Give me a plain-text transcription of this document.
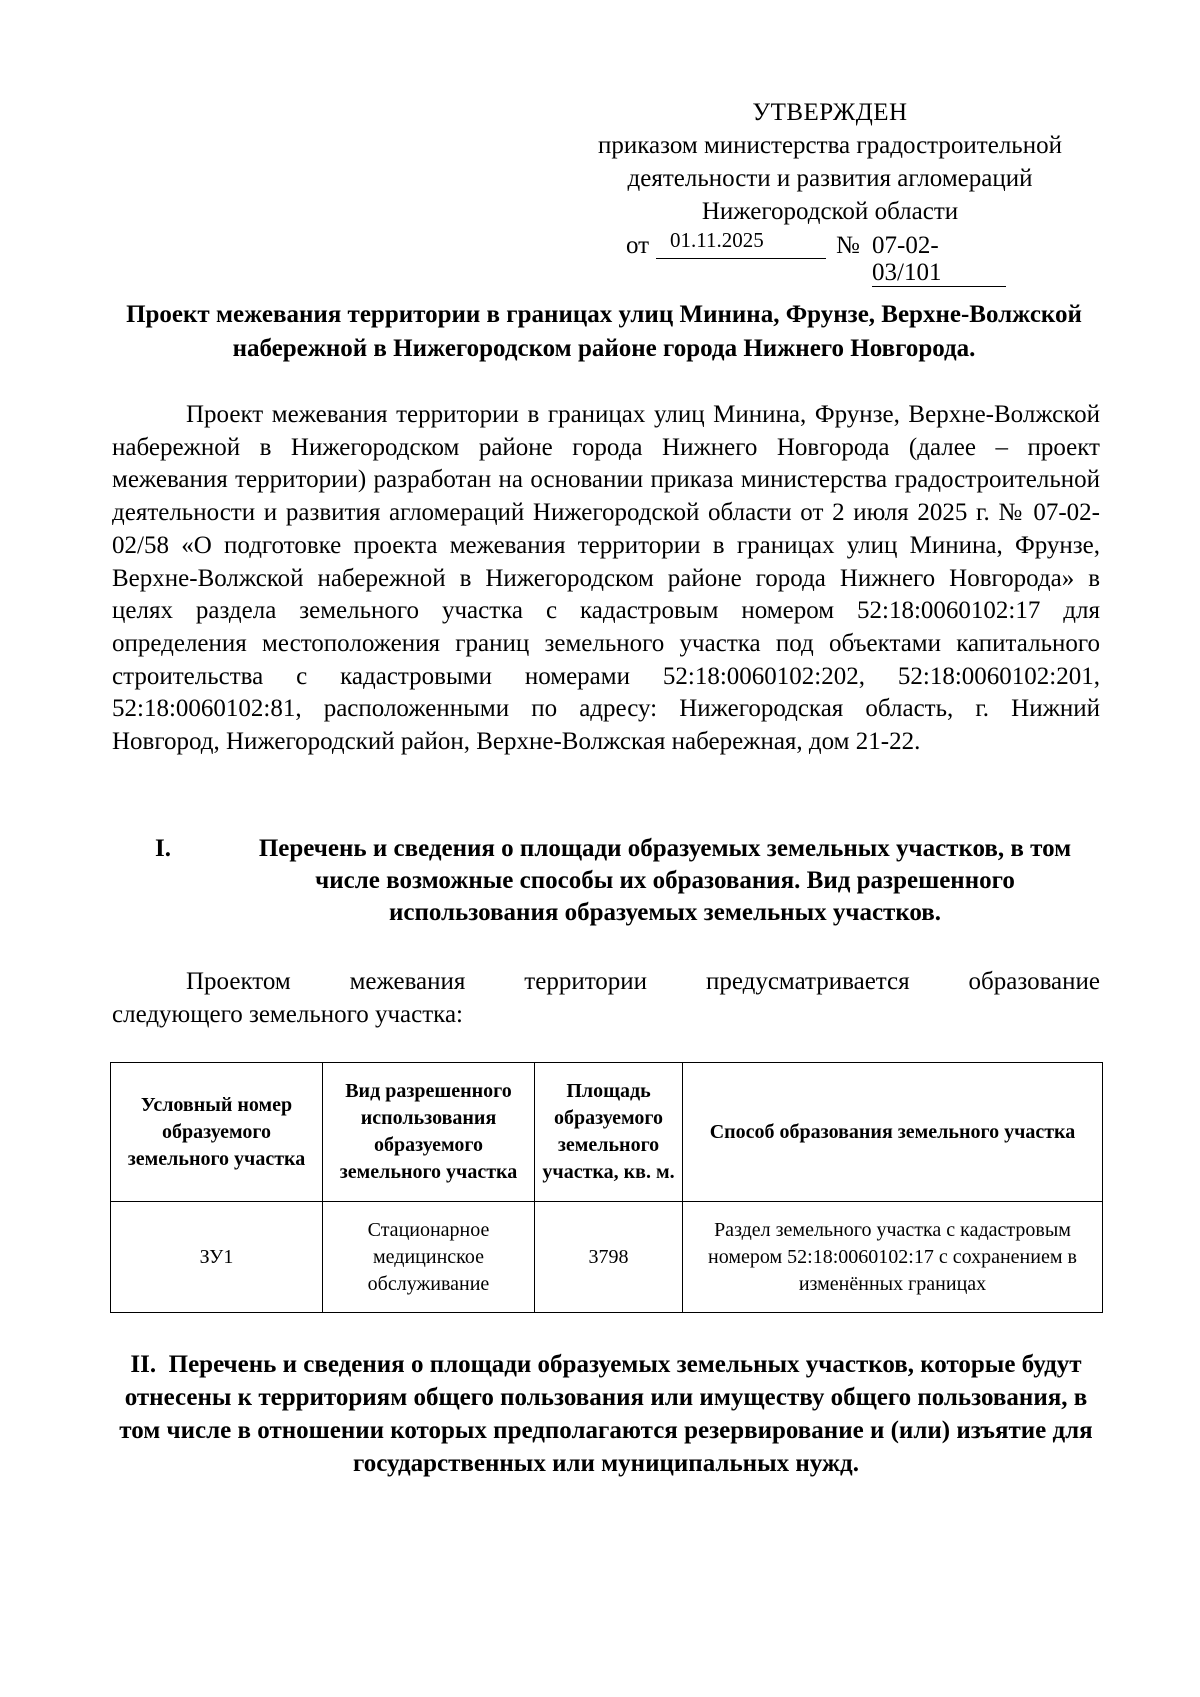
УТВЕРЖДЕН
приказом министерства градостроительной
деятельности и развития агломераций
Нижегородской области
от 01.11.2025	№ 07-02-03/101
Проект межевания территории в границах улиц Минина, Фрунзе, Верхне-Волжской набережной в Нижегородском районе города Нижнего Новгорода.

Проект межевания территории в границах улиц Минина, Фрунзе, Верхне-Волжской набережной в Нижегородском районе города Нижнего Новгорода (далее – проект межевания территории) разработан на основании приказа министерства градостроительной деятельности и развития агломераций Нижегородской области от 2 июля 2025 г. № 07-02-02/58 «О подготовке проекта межевания территории в границах улиц Минина, Фрунзе, Верхне-Волжской набережной в Нижегородском районе города Нижнего Новгорода» в целях раздела земельного участка с кадастровым номером 52:18:0060102:17 для определения местоположения границ земельного участка под объектами капитального строительства с кадастровыми номерами 52:18:0060102:202, 52:18:0060102:201, 52:18:0060102:81, расположенными по адресу: Нижегородская область, г. Нижний Новгород, Нижегородский район, Верхне-Волжская набережная, дом 21-22.

I.	Перечень и сведения о площади образуемых земельных участков, в том числе возможные способы их образования. Вид разрешенного использования образуемых земельных участков.

Проектом межевания территории предусматривается образование
следующего земельного участка:

Условный номер образуемого земельного участка	Вид разрешенного использования образуемого земельного участка	Площадь образуемого земельного участка, кв. м.	Способ образования земельного участка
ЗУ1	Стационарное медицинское обслуживание	3798	Раздел земельного участка с кадастровым номером 52:18:0060102:17 с сохранением в изменённых границах
II. Перечень и сведения о площади образуемых земельных участков, которые будут отнесены к территориям общего пользования или имуществу общего пользования, в том числе в отношении которых предполагаются резервирование и (или) изъятие для государственных или муниципальных нужд.
